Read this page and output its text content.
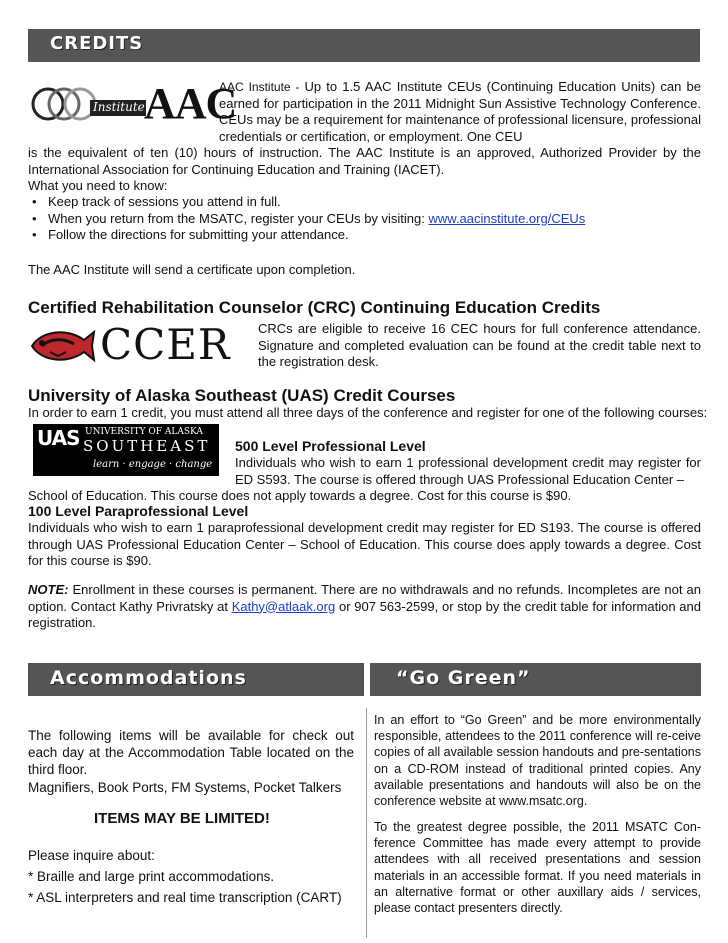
CREDITS
Institute AAC

AAC Institute - Up to 1.5 AAC Institute CEUs (Continuing Education Units) can be earned for participation in the 2011 Midnight Sun Assistive Technology Conference. CEUs may be a requirement for maintenance of professional licensure, professional credentials or certification, or employment. One CEU

is the equivalent of ten (10) hours of instruction. The AAC Institute is an approved, Authorized Provider by the International Association for Continuing Education and Training (IACET).

What you need to know:

• Keep track of sessions you attend in full.
• When you return from the MSATC, register your CEUs by visiting: www.aacinstitute.org/CEUs
• Follow the directions for submitting your attendance.

The AAC Institute will send a certificate upon completion.

Certified Rehabilitation Counselor (CRC) Continuing Education Credits
CCER CRCs are eligible to receive 16 CEC hours for full conference attendance. Signature and completed evaluation can be found at the credit table next to the registration desk.

University of Alaska Southeast (UAS) Credit Courses

In order to earn 1 credit, you must attend all three days of the conference and register for one of the following courses:

UAS UNIVERSITY OF ALASKA
SOUTHEAST
learn · engage · change
500 Level Professional Level

Individuals who wish to earn 1 professional development credit may register for ED S593. The course is offered through UAS Professional Education Center –

School of Education. This course does not apply towards a degree. Cost for this course is $90.

100 Level Paraprofessional Level

Individuals who wish to earn 1 paraprofessional development credit may register for ED S193. The course is offered through UAS Professional Education Center – School of Education. This course does apply towards a degree. Cost for this course is $90.

NOTE: Enrollment in these courses is permanent. There are no withdrawals and no refunds. Incompletes are not an option. Contact Kathy Privratsky at Kathy@atlaak.org or 907 563-2599, or stop by the credit table for information and registration.

Accommodations	“Go Green”

The following items will be available for check out each day at the Accommodation Table located on the third floor.

Magnifiers, Book Ports, FM Systems, Pocket Talkers

ITEMS MAY BE LIMITED!

Please inquire about:

* Braille and large print accommodations.

* ASL interpreters and real time transcription (CART)

In an effort to “Go Green” and be more environmentally responsible, attendees to the 2011 conference will re-ceive copies of all available session handouts and pre-sentations on a CD-ROM instead of traditional printed copies. Any available presentations and handouts will also be on the conference website at www.msatc.org.

To the greatest degree possible, the 2011 MSATC Con-ference Committee has made every attempt to provide attendees with all received presentations and session materials in an accessible format. If you need materials in an alternative format or other auxillary aids / services, please contact presenters directly.
